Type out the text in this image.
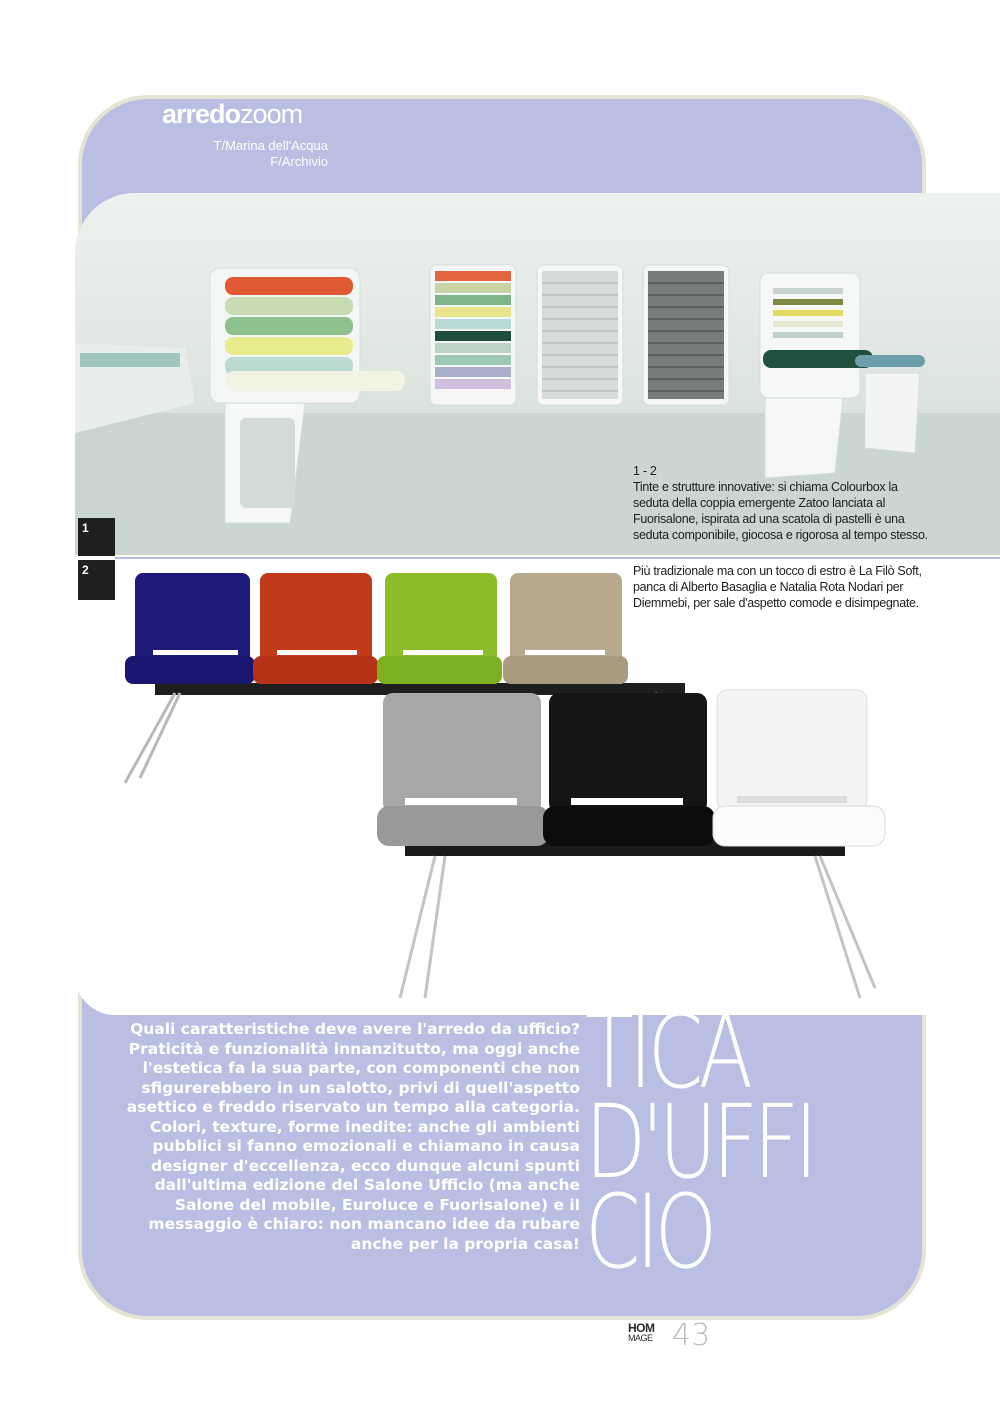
arredozoom
T/Marina dell'Acqua
F/Archivio
1
2
1 - 2
Tinte e strutture innovative: si chiama Colourbox la seduta della coppia emergente Zatoo lanciata al Fuorisalone, ispirata ad una scatola di pastelli è una seduta componibile, giocosa e rigorosa al tempo stesso.
Più tradizionale ma con un tocco di estro è La Filò Soft, panca di Alberto Basaglia e Natalia Rota Nodari per Diemmebi, per sale d'aspetto comode e disimpegnate.
Quali caratteristiche deve avere l'arredo da ufficio? Praticità e funzionalità innanzitutto, ma oggi anche l'estetica fa la sua parte, con componenti che non sfigurerebbero in un salotto, privi di quell'aspetto asettico e freddo riservato un tempo alla categoria. Colori, texture, forme inedite: anche gli ambienti pubblici si fanno emozionali e chiamano in causa designer d'eccellenza, ecco dunque alcuni spunti dall'ultima edizione del Salone Ufficio (ma anche Salone del mobile, Euroluce e Fuorisalone) e il messaggio è chiaro: non mancano idee da rubare anche per la propria casa!
ESTE
TICA
D'UFFI
CIO
HOM
MAGE 43
